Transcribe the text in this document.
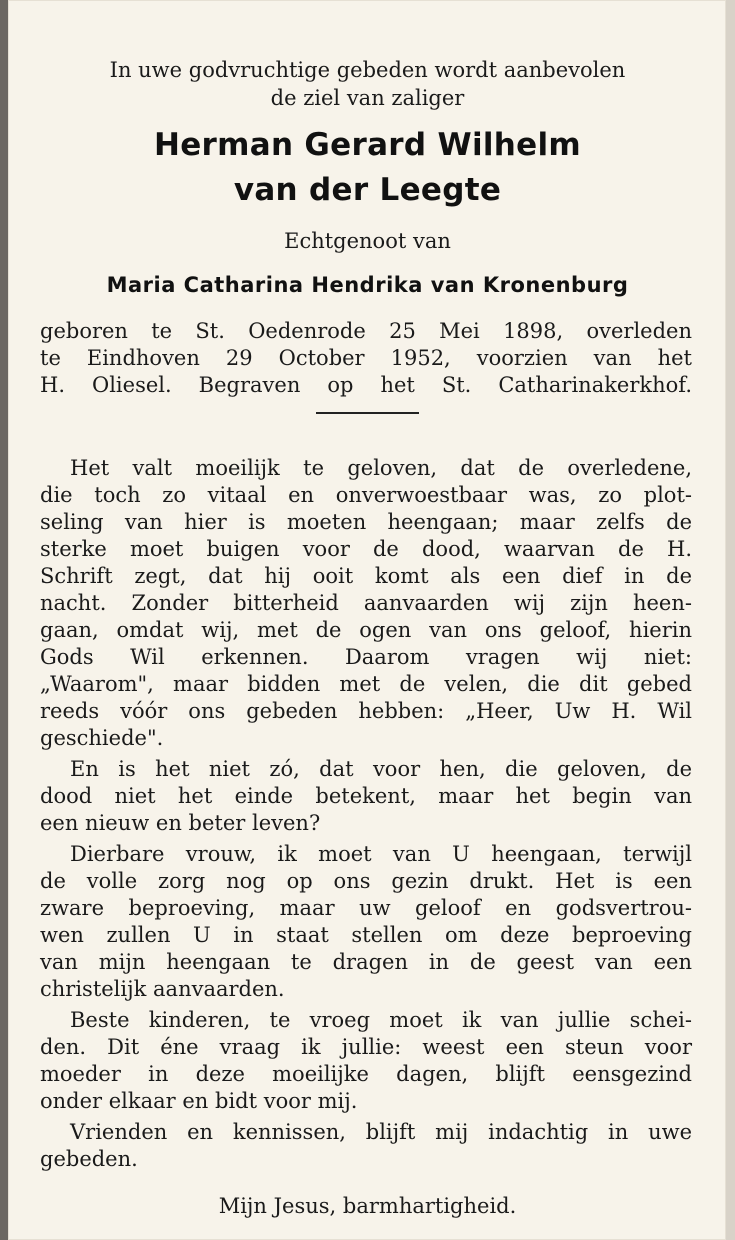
In uwe godvruchtige gebeden wordt aanbevolen
de ziel van zaliger
Herman Gerard Wilhelm
van der Leegte
Echtgenoot van
Maria Catharina Hendrika van Kronenburg
geboren te St. Oedenrode 25 Mei 1898, overleden
te Eindhoven 29 October 1952, voorzien van het
H. Oliesel. Begraven op het St. Catharinakerkhof.
Het valt moeilijk te geloven, dat de overledene,
die toch zo vitaal en onverwoestbaar was, zo plot-
seling van hier is moeten heengaan; maar zelfs de
sterke moet buigen voor de dood, waarvan de H.
Schrift zegt, dat hij ooit komt als een dief in de
nacht. Zonder bitterheid aanvaarden wij zijn heen-
gaan, omdat wij, met de ogen van ons geloof, hierin
Gods Wil erkennen. Daarom vragen wij niet:
„Waarom", maar bidden met de velen, die dit gebed
reeds vóór ons gebeden hebben: „Heer, Uw H. Wil
geschiede".
En is het niet zó, dat voor hen, die geloven, de
dood niet het einde betekent, maar het begin van
een nieuw en beter leven?
Dierbare vrouw, ik moet van U heengaan, terwijl
de volle zorg nog op ons gezin drukt. Het is een
zware beproeving, maar uw geloof en godsvertrou-
wen zullen U in staat stellen om deze beproeving
van mijn heengaan te dragen in de geest van een
christelijk aanvaarden.
Beste kinderen, te vroeg moet ik van jullie schei-
den. Dit éne vraag ik jullie: weest een steun voor
moeder in deze moeilijke dagen, blijft eensgezind
onder elkaar en bidt voor mij.
Vrienden en kennissen, blijft mij indachtig in uwe
gebeden.
Mijn Jesus, barmhartigheid.
